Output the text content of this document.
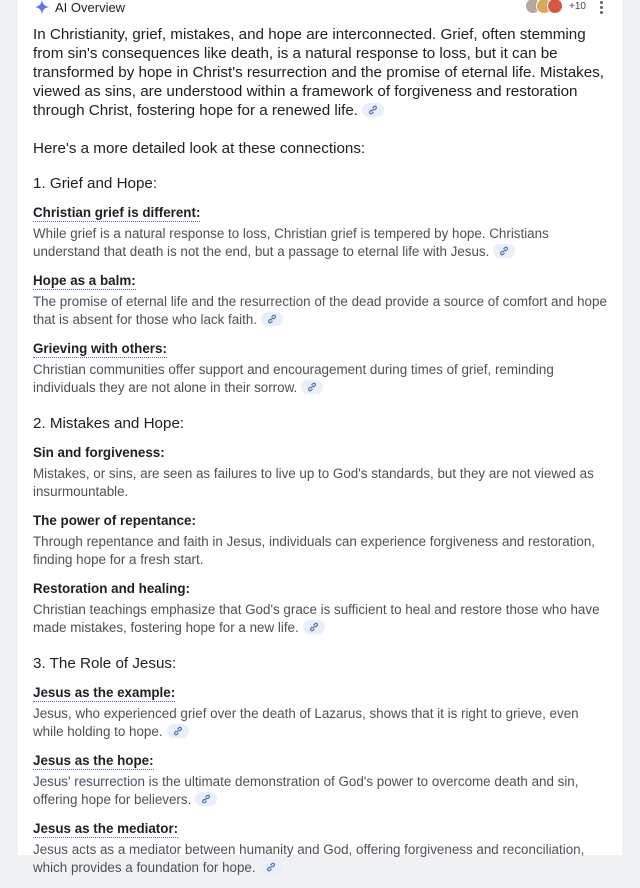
AI Overview	+10

In Christianity, grief, mistakes, and hope are interconnected. Grief, often stemming from sin's consequences like death, is a natural response to loss, but it can be transformed by hope in Christ's resurrection and the promise of eternal life. Mistakes, viewed as sins, are understood within a framework of forgiveness and restoration through Christ, fostering hope for a renewed life.

Here's a more detailed look at these connections:

1. Grief and Hope:

Christian grief is different:

While grief is a natural response to loss, Christian grief is tempered by hope. Christians understand that death is not the end, but a passage to eternal life with Jesus.

Hope as a balm:

The promise of eternal life and the resurrection of the dead provide a source of comfort and hope that is absent for those who lack faith.

Grieving with others:

Christian communities offer support and encouragement during times of grief, reminding individuals they are not alone in their sorrow.

2. Mistakes and Hope:

Sin and forgiveness:

Mistakes, or sins, are seen as failures to live up to God's standards, but they are not viewed as insurmountable.

The power of repentance:

Through repentance and faith in Jesus, individuals can experience forgiveness and restoration, finding hope for a fresh start.

Restoration and healing:

Christian teachings emphasize that God's grace is sufficient to heal and restore those who have made mistakes, fostering hope for a new life.

3. The Role of Jesus:

Jesus as the example:

Jesus, who experienced grief over the death of Lazarus, shows that it is right to grieve, even while holding to hope.

Jesus as the hope:

Jesus' resurrection is the ultimate demonstration of God's power to overcome death and sin, offering hope for believers.

Jesus as the mediator:

Jesus acts as a mediator between humanity and God, offering forgiveness and reconciliation, which provides a foundation for hope.
